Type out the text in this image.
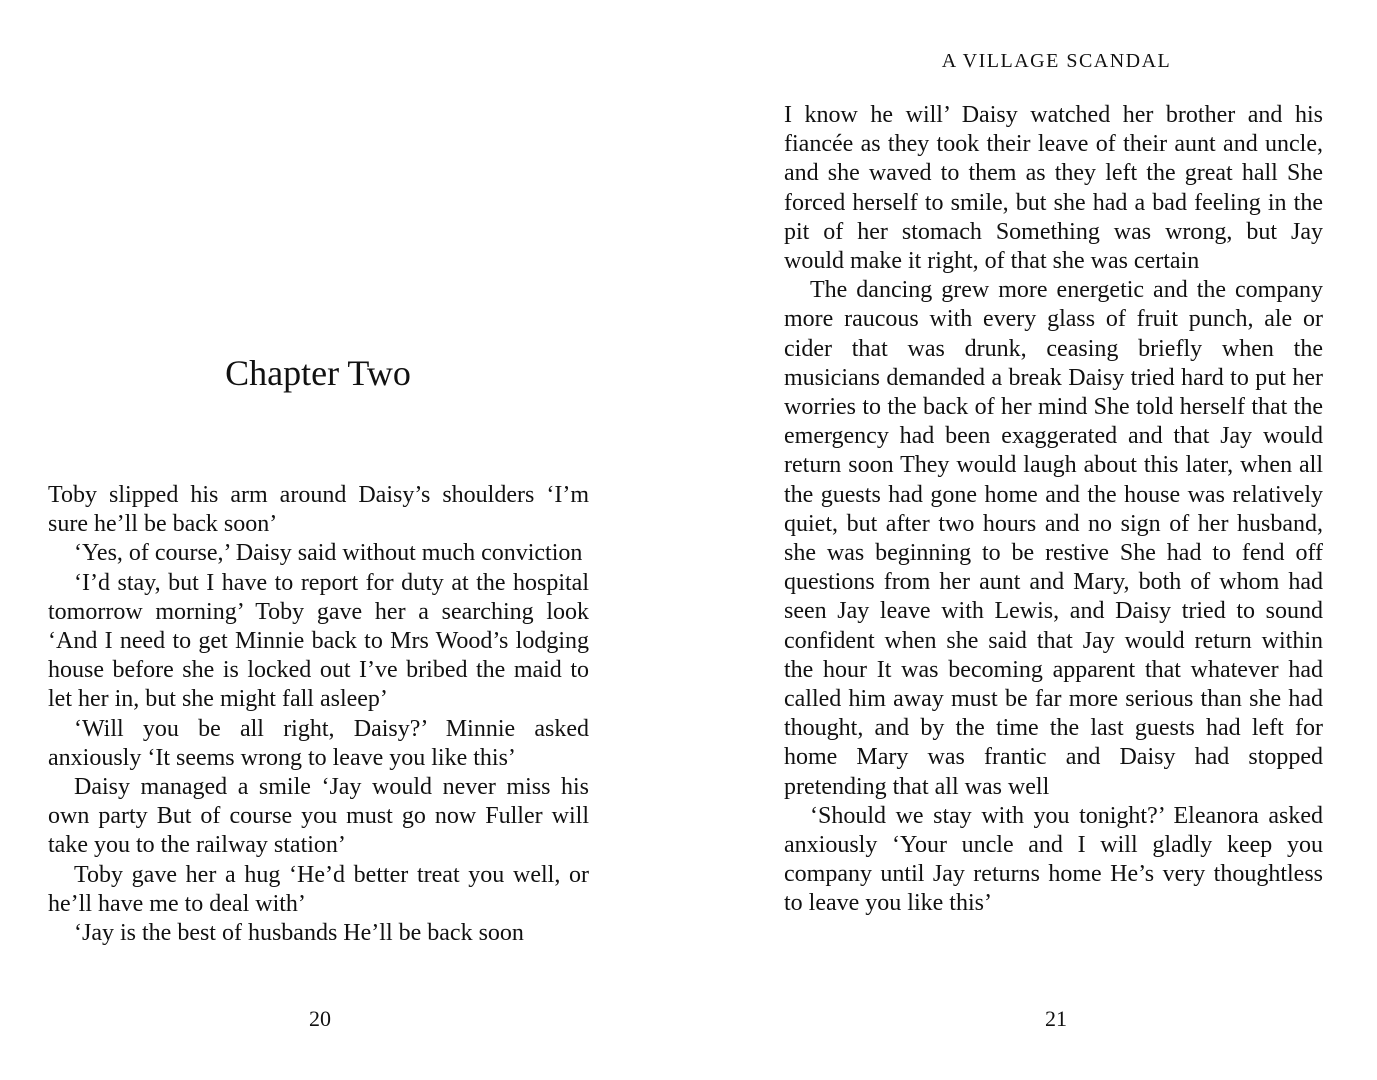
Chapter Two

Toby slipped his arm around Daisy’s shoulders ‘I’m sure he’ll be back soon’

‘Yes, of course,’ Daisy said without much conviction

‘I’d stay, but I have to report for duty at the hospital tomorrow morning’ Toby gave her a searching look ‘And I need to get Minnie back to Mrs Wood’s lodging house before she is locked out I’ve bribed the maid to let her in, but she might fall asleep’

‘Will you be all right, Daisy?’ Minnie asked anxiously ‘It seems wrong to leave you like this’

Daisy managed a smile ‘Jay would never miss his own party But of course you must go now Fuller will take you to the railway station’

Toby gave her a hug ‘He’d better treat you well, or he’ll have me to deal with’

‘Jay is the best of husbands He’ll be back soon

20
A VILLAGE SCANDAL

I know he will’ Daisy watched her brother and his fiancée as they took their leave of their aunt and uncle, and she waved to them as they left the great hall She forced herself to smile, but she had a bad feeling in the pit of her stomach Something was wrong, but Jay would make it right, of that she was certain

The dancing grew more energetic and the company more raucous with every glass of fruit punch, ale or cider that was drunk, ceasing briefly when the musicians demanded a break Daisy tried hard to put her worries to the back of her mind She told herself that the emergency had been exaggerated and that Jay would return soon They would laugh about this later, when all the guests had gone home and the house was relatively quiet, but after two hours and no sign of her husband, she was beginning to be restive She had to fend off questions from her aunt and Mary, both of whom had seen Jay leave with Lewis, and Daisy tried to sound confident when she said that Jay would return within the hour It was becoming apparent that whatever had called him away must be far more serious than she had thought, and by the time the last guests had left for home Mary was frantic and Daisy had stopped pretending that all was well

‘Should we stay with you tonight?’ Eleanora asked anxiously ‘Your uncle and I will gladly keep you company until Jay returns home He’s very thoughtless to leave you like this’

21
